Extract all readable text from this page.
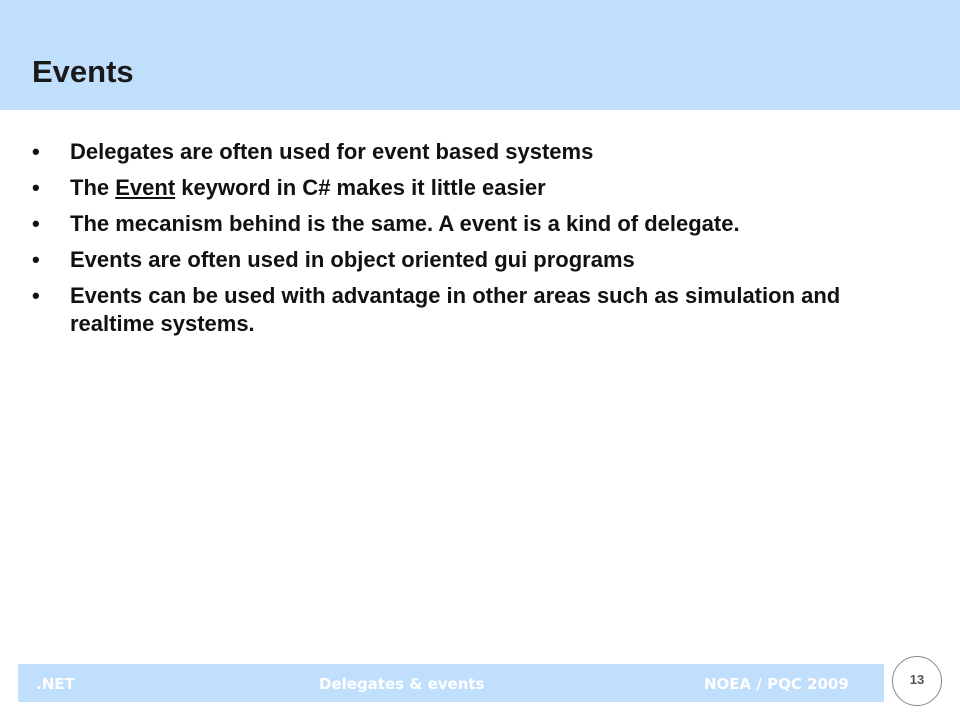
Events
•	Delegates are often used for event based systems
•	The Event keyword in C# makes it little easier
•	The mecanism behind is the same. A event is a kind of delegate.
•	Events are often used in object oriented gui programs
•	Events can be used with advantage in other areas such as simulation and realtime systems.
.NET	Delegates & events	NOEA / PQC 2009	13
